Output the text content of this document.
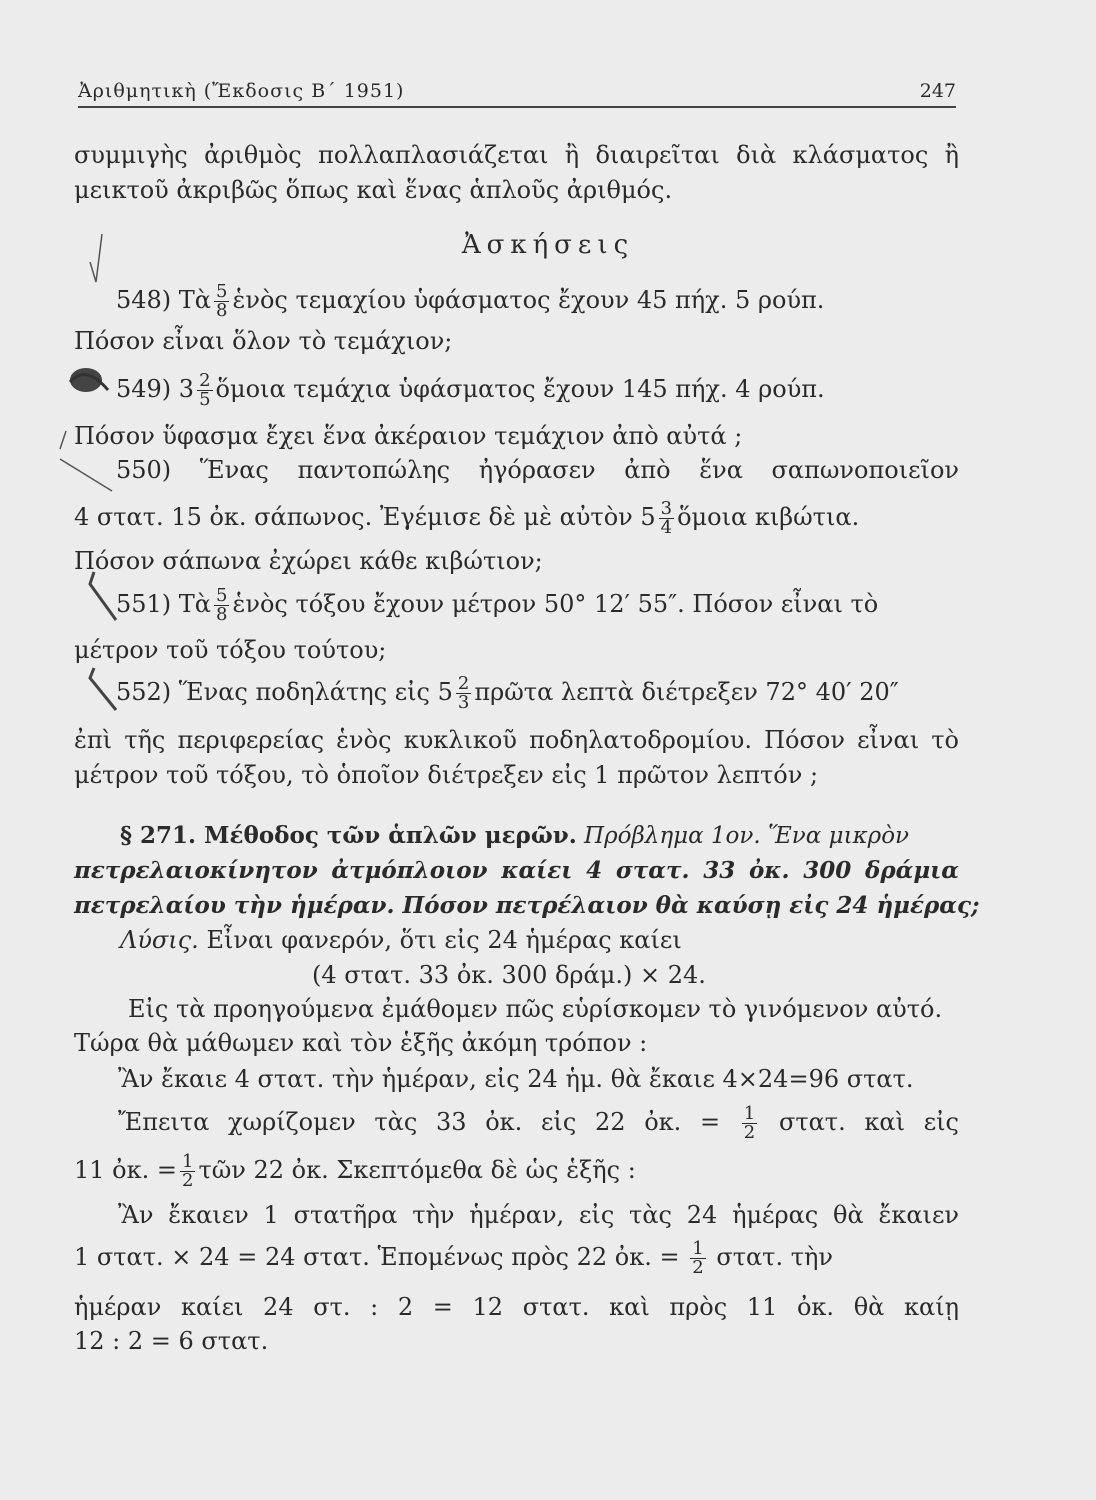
Ἀριθμητικὴ (Ἔκδοσις Β΄ 1951)	247
συμμιγὴς ἀριθμὸς πολλαπλασιάζεται ἢ διαιρεῖται διὰ κλάσματος ἢ
μεικτοῦ ἀκριβῶς ὅπως καὶ ἕνας ἁπλοῦς ἀριθμός.
Ἀσκήσεις
548) Τὰ $\frac{5}{8}$ ἑνὸς τεμαχίου ὑφάσματος ἔχουν 45 πήχ. 5 ρούπ.
Πόσον εἶναι ὅλον τὸ τεμάχιον;
549) $3 \frac{2}{5}$ ὅμοια τεμάχια ὑφάσματος ἔχουν 145 πήχ. 4 ρούπ.
Πόσον ὕφασμα ἔχει ἕνα ἀκέραιον τεμάχιον ἀπὸ αὐτά ;
550) Ἕνας παντοπώλης ἠγόρασεν ἀπὸ ἕνα σαπωνοποιεῖον
4 στατ. 15 ὀκ. σάπωνος. Ἐγέμισε δὲ μὲ αὐτὸν $5 \frac{3}{4}$ ὅμοια κιβώτια.
Πόσον σάπωνα ἐχώρει κάθε κιβώτιον;
551) Τὰ $\frac{5}{8}$ ἑνὸς τόξου ἔχουν μέτρον 50° 12′ 55″. Πόσον εἶναι τὸ
μέτρον τοῦ τόξου τούτου;
552) Ἕνας ποδηλάτης εἰς $5 \frac{2}{3}$ πρῶτα λεπτὰ διέτρεξεν 72° 40′ 20″
ἐπὶ τῆς περιφερείας ἑνὸς κυκλικοῦ ποδηλατοδρομίου. Πόσον εἶναι τὸ
μέτρον τοῦ τόξου, τὸ ὁποῖον διέτρεξεν εἰς 1 πρῶτον λεπτόν ;
§ 271. Μέθοδος τῶν ἁπλῶν μερῶν. Πρόβλημα 1ον. Ἕνα μικρὸν
πετρελαιοκίνητον ἀτμόπλοιον καίει 4 στατ. 33 ὀκ. 300 δράμια
πετρελαίου τὴν ἡμέραν. Πόσον πετρέλαιον θὰ καύσῃ εἰς 24 ἡμέρας;
Λύσις. Εἶναι φανερόν, ὅτι εἰς 24 ἡμέρας καίει
(4 στατ. 33 ὀκ. 300 δράμ.) × 24.
Εἰς τὰ προηγούμενα ἐμάθομεν πῶς εὑρίσκομεν τὸ γινόμενον αὐτό.
Τώρα θὰ μάθωμεν καὶ τὸν ἑξῆς ἀκόμη τρόπον :
Ἂν ἔκαιε 4 στατ. τὴν ἡμέραν, εἰς 24 ἡμ. θὰ ἔκαιε 4×24=96 στατ.
Ἔπειτα χωρίζομεν τὰς 33 ὀκ. εἰς 22 ὀκ. = $\frac{1}{2} \sigma\tau\alpha\tau$. καὶ εἰς
11 ὀκ. = $\frac{1}{2}$ τῶν 22 ὀκ. Σκεπτόμεθα δὲ ὡς ἑξῆς :
Ἂν ἔκαιεν 1 στατῆρα τὴν ἡμέραν, εἰς τὰς 24 ἡμέρας θὰ ἔκαιεν
1 στατ. × 24 = 24 στατ. Ἑπομένως πρὸς 22 ὀκ. = $\frac{1}{2} \sigma\tau\alpha\tau$. τὴν
ἡμέραν καίει 24 στ. : 2 = 12 στατ. καὶ πρὸς 11 ὀκ. θὰ καίῃ
12 : 2 = 6 στατ.
